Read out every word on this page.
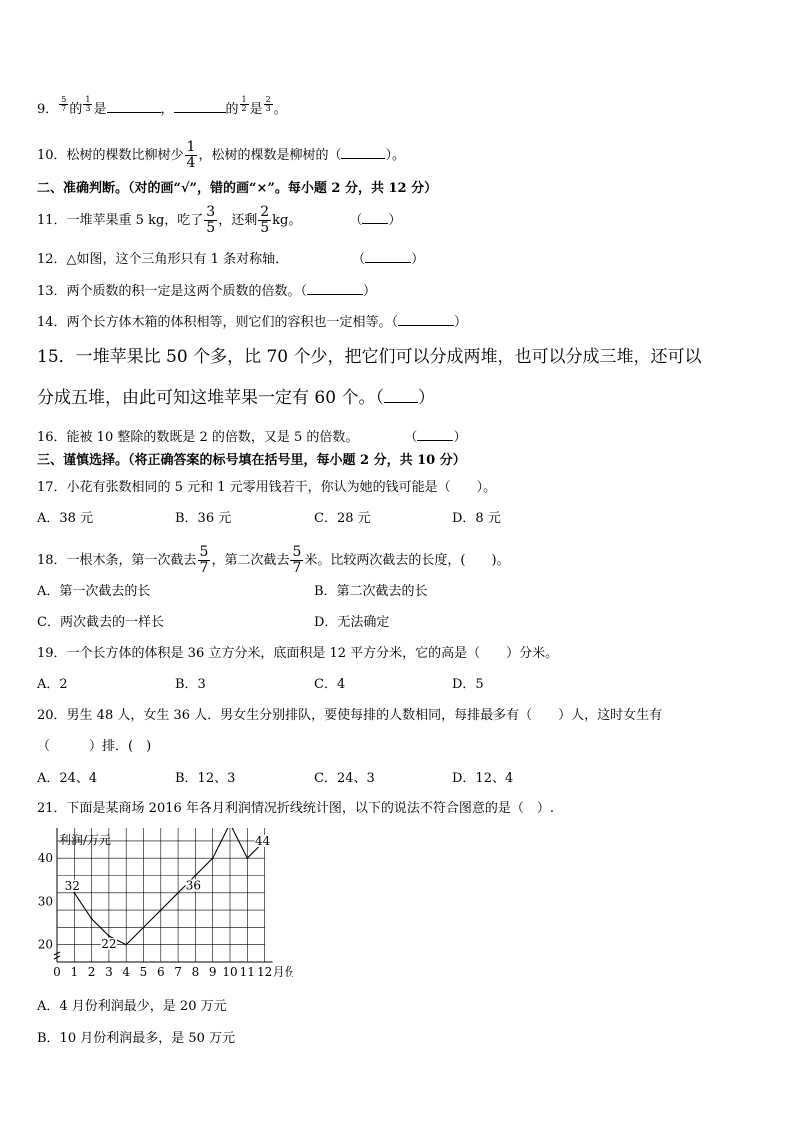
9． $\frac{5}{7}$ 的 $\frac{1}{3}$ 是	，	的 $\frac{1}{2}$ 是 $\frac{2}{3}$ 。
10．松树的棵数比柳树少 $\frac{1}{4}$ ，松树的棵数是柳树的（	）。
二、准确判断。（对的画“√”，错的画“×”。每小题 2 分，共 12 分）
11．一堆苹果重 5 kg，吃了 $\frac{3}{5}$ ，还剩 $\frac{2}{5}$ kg。	（ ）
12．△如图，这个三角形只有 1 条对称轴．	（	）
13．两个质数的积一定是这两个质数的倍数。（	）
14．两个长方体木箱的体积相等，则它们的容积也一定相等。（	）
15．一堆苹果比 50 个多，比 70 个少，把它们可以分成两堆，也可以分成三堆，还可以
分成五堆，由此可知这堆苹果一定有 60 个。（ ）
16．能被 10 整除的数既是 2 的倍数，又是 5 的倍数。	（	）
三、谨慎选择。（将正确答案的标号填在括号里，每小题 2 分，共 10 分）
17．小花有张数相同的 5 元和 1 元零用钱若干，你认为她的钱可能是（　　）。
A．38 元	B．36 元	C．28 元	D．8 元
18．一根木条，第一次截去 $\frac{5}{7}$ ，第二次截去 $\frac{5}{7}$ 米。比较两次截去的长度，(　　)。
A．第一次截去的长	B．第二次截去的长
C．两次截去的一样长	D．无法确定
19．一个长方体的体积是 36 立方分米，底面积是 12 平方分米，它的高是（　　）分米。
A．2	B．3	C．4	D．5
20．男生 48 人，女生 36 人．男女生分别排队，要使每排的人数相同，每排最多有（　　）人，这时女生有
（　　　）排．(　)
A．24、4	B．12、3	C．24、3	D．12、4
21．下面是某商场 2016 年各月利润情况折线统计图，以下的说法不符合图意的是（　）.
20
30
40
0 1 2 3 4 5 6 7 8 9 10 11 12
利润/万元
月份
32
22
36
44
A．4 月份利润最少，是 20 万元
B．10 月份利润最多，是 50 万元
